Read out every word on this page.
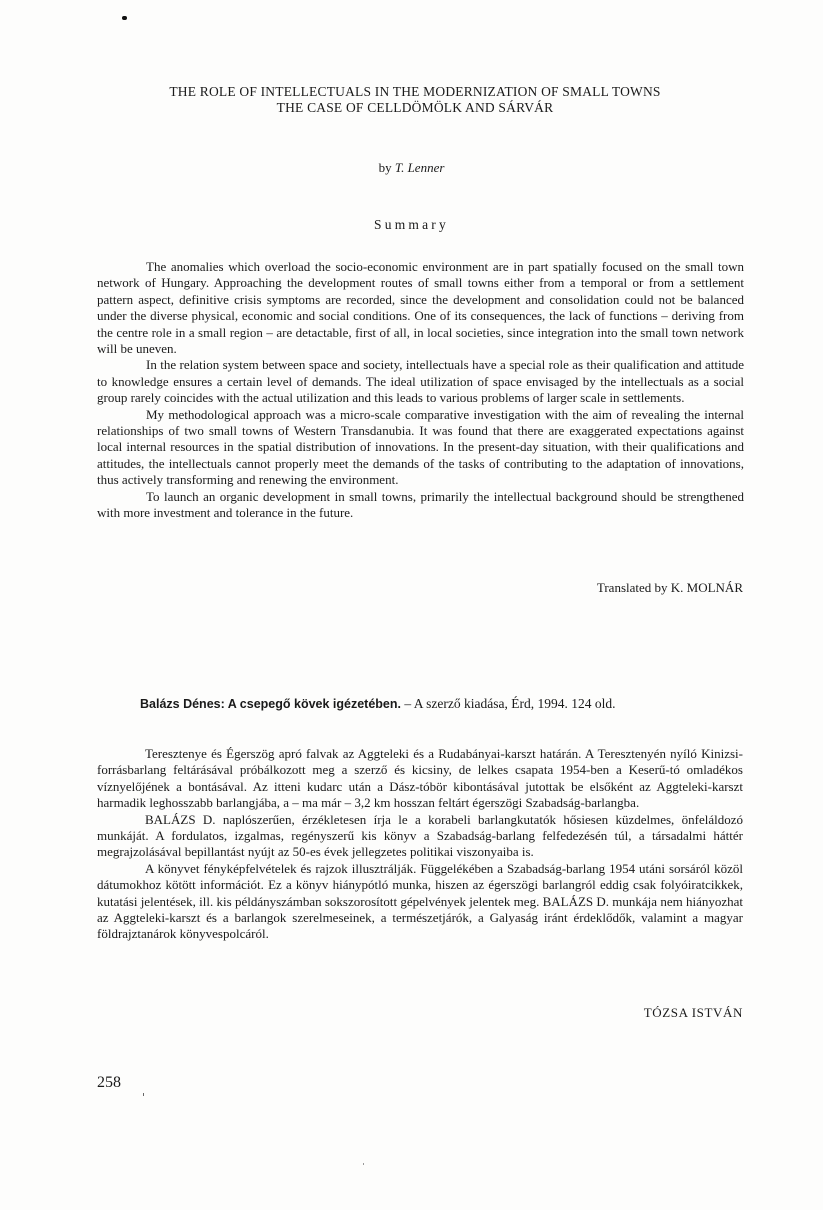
THE ROLE OF INTELLECTUALS IN THE MODERNIZATION OF SMALL TOWNS
THE CASE OF CELLDÖMÖLK AND SÁRVÁR
by T. Lenner
Summary

The anomalies which overload the socio-economic environment are in part spatially focused on the small town network of Hungary. Approaching the development routes of small towns either from a temporal or from a settlement pattern aspect, definitive crisis symptoms are recorded, since the development and consolidation could not be balanced under the diverse physical, economic and social conditions. One of its consequences, the lack of functions – deriving from the centre role in a small region – are detactable, first of all, in local societies, since integration into the small town network will be uneven.

In the relation system between space and society, intellectuals have a special role as their qualification and attitude to knowledge ensures a certain level of demands. The ideal utilization of space envisaged by the intellectuals as a social group rarely coincides with the actual utilization and this leads to various problems of larger scale in settlements.

My methodological approach was a micro-scale comparative investigation with the aim of revealing the internal relationships of two small towns of Western Transdanubia. It was found that there are exaggerated expectations against local internal resources in the spatial distribution of innovations. In the present-day situation, with their qualifications and attitudes, the intellectuals cannot properly meet the demands of the tasks of contributing to the adaptation of innovations, thus actively transforming and renewing the environment.

To launch an organic development in small towns, primarily the intellectual background should be strengthened with more investment and tolerance in the future.

Translated by K. MOLNÁR
Balázs Dénes: A csepegő kövek igézetében. – A szerző kiadása, Érd, 1994. 124 old.

Teresztenye és Égerszög apró falvak az Aggteleki és a Rudabányai-karszt határán. A Teresztenyén nyíló Kinizsi-forrásbarlang feltárásával próbálkozott meg a szerző és kicsiny, de lelkes csapata 1954-ben a Keserű-tó omladékos víznyelőjének a bontásával. Az itteni kudarc után a Dász-tóbör kibontásával jutottak be elsőként az Aggteleki-karszt harmadik leghosszabb barlangjába, a – ma már – 3,2 km hosszan feltárt égerszögi Szabadság-barlangba.

BALÁZS D. naplószerűen, érzékletesen írja le a korabeli barlangkutatók hősiesen küzdelmes, önfeláldozó munkáját. A fordulatos, izgalmas, regényszerű kis könyv a Szabadság-barlang felfedezésén túl, a társadalmi háttér megrajzolásával bepillantást nyújt az 50-es évek jellegzetes politikai viszonyaiba is.

A könyvet fényképfelvételek és rajzok illusztrálják. Függelékében a Szabadság-barlang 1954 utáni sorsáról közöl dátumokhoz kötött információt. Ez a könyv hiánypótló munka, hiszen az égerszögi barlangról eddig csak folyóiratcikkek, kutatási jelentések, ill. kis példányszámban sokszorosított gépelvények jelentek meg. BALÁZS D. munkája nem hiányozhat az Aggteleki-karszt és a barlangok szerelmeseinek, a természetjárók, a Galyaság iránt érdeklődők, valamint a magyar földrajztanárok könyvespolcáról.

TÓZSA ISTVÁN
258
